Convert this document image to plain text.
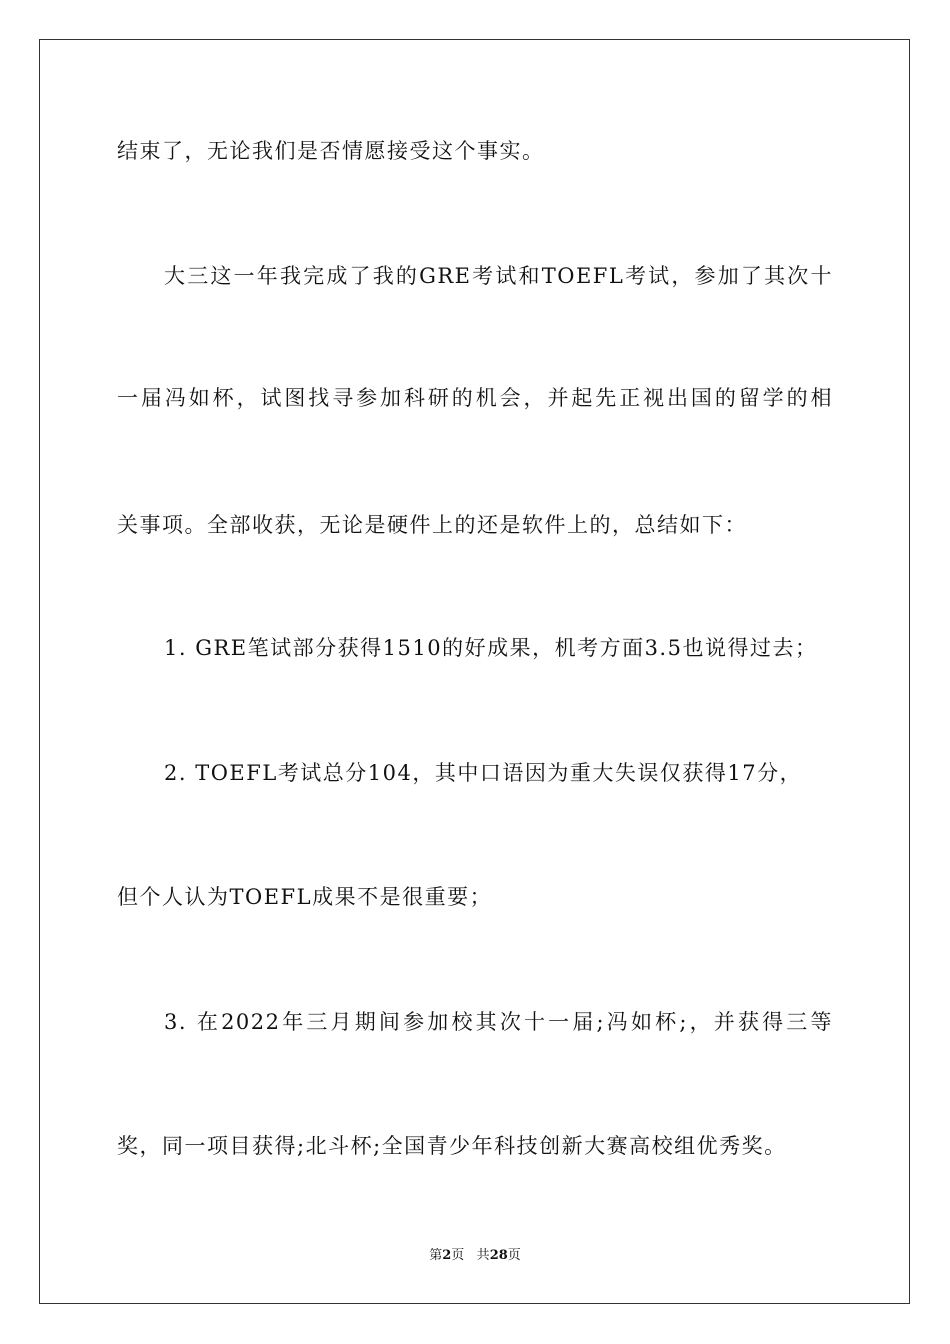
结束了，无论我们是否情愿接受这个事实。
大三这一年我完成了我的GRE考试和TOEFL考试，参加了其次十
一届冯如杯，试图找寻参加科研的机会，并起先正视出国的留学的相
关事项。全部收获，无论是硬件上的还是软件上的，总结如下：
1. GRE笔试部分获得1510的好成果，机考方面3.5也说得过去；
2. TOEFL考试总分104，其中口语因为重大失误仅获得17分，
但个人认为TOEFL成果不是很重要；
3. 在2022年三月期间参加校其次十一届;冯如杯;，并获得三等
奖，同一项目获得;北斗杯;全国青少年科技创新大赛高校组优秀奖。
第2页 共28页
